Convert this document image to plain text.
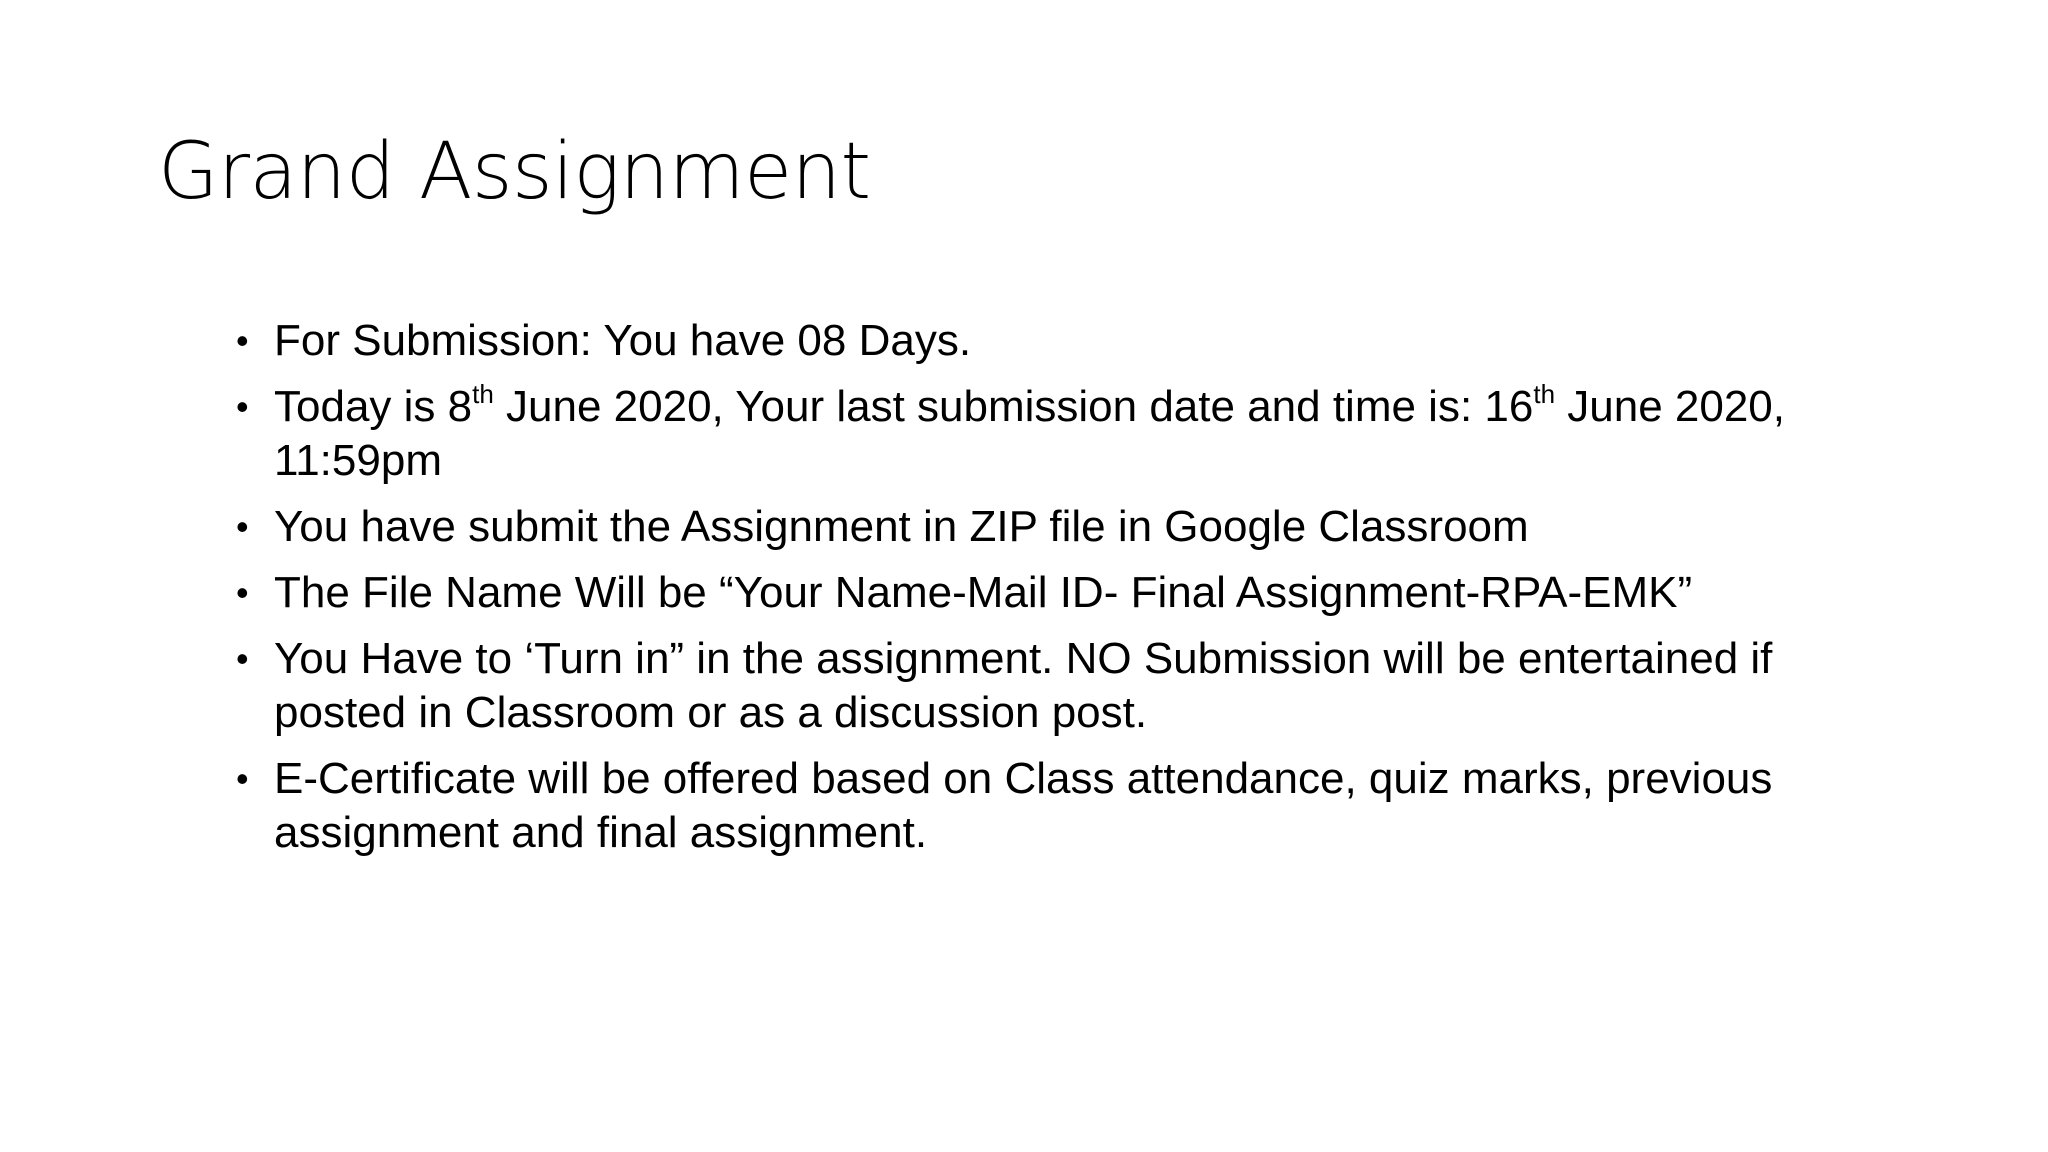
Grand Assignment
• For Submission: You have 08 Days.
• Today is 8th June 2020, Your last submission date and time is: 16th June 2020, 11:59pm
• You have submit the Assignment in ZIP file in Google Classroom
• The File Name Will be “Your Name-Mail ID- Final Assignment-RPA-EMK”
• You Have to ‘Turn in” in the assignment. NO Submission will be entertained if posted in Classroom or as a discussion post.
• E-Certificate will be offered based on Class attendance, quiz marks, previous assignment and final assignment.
